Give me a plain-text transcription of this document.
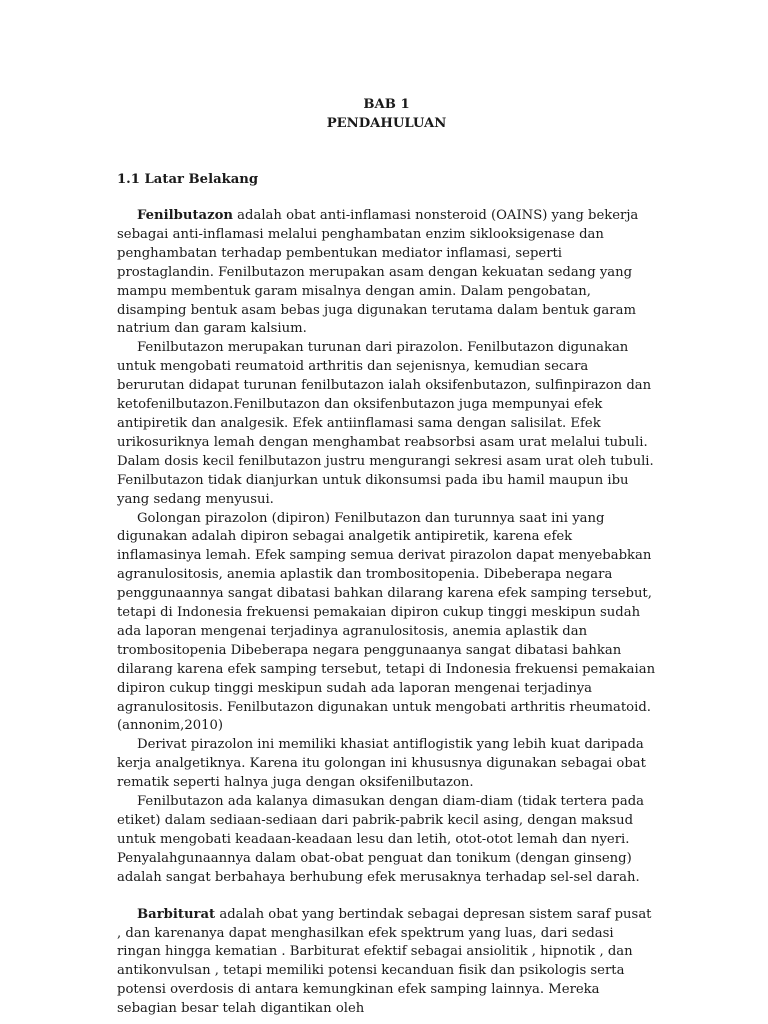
BAB 1

PENDAHULUAN

1.1 Latar Belakang

Fenilbutazon adalah obat anti-inflamasi nonsteroid (OAINS) yang bekerja sebagai anti-inflamasi melalui penghambatan enzim siklooksigenase dan penghambatan terhadap pembentukan mediator inflamasi, seperti prostaglandin. Fenilbutazon merupakan asam dengan kekuatan sedang yang mampu membentuk garam misalnya dengan amin. Dalam pengobatan, disamping bentuk asam bebas juga digunakan terutama dalam bentuk garam natrium dan garam kalsium.

Fenilbutazon merupakan turunan dari pirazolon. Fenilbutazon digunakan untuk mengobati reumatoid arthritis dan sejenisnya, kemudian secara berurutan didapat turunan fenilbutazon ialah oksifenbutazon, sulfinpirazon dan ketofenilbutazon.Fenilbutazon dan oksifenbutazon juga mempunyai efek antipiretik dan analgesik. Efek antiinflamasi sama dengan salisilat. Efek urikosuriknya lemah dengan menghambat reabsorbsi asam urat melalui tubuli. Dalam dosis kecil fenilbutazon justru mengurangi sekresi asam urat oleh tubuli. Fenilbutazon tidak dianjurkan untuk dikonsumsi pada ibu hamil maupun ibu yang sedang menyusui.

Golongan pirazolon (dipiron) Fenilbutazon dan turunnya saat ini yang digunakan adalah dipiron sebagai analgetik antipiretik, karena efek inflamasinya lemah. Efek samping semua derivat pirazolon dapat menyebabkan agranulositosis, anemia aplastik dan trombositopenia. Dibeberapa negara penggunaannya sangat dibatasi bahkan dilarang karena efek samping tersebut, tetapi di Indonesia frekuensi pemakaian dipiron cukup tinggi meskipun sudah ada laporan mengenai terjadinya agranulositosis, anemia aplastik dan trombositopenia Dibeberapa negara penggunaanya sangat dibatasi bahkan dilarang karena efek samping tersebut, tetapi di Indonesia frekuensi pemakaian dipiron cukup tinggi meskipun sudah ada laporan mengenai terjadinya agranulositosis. Fenilbutazon digunakan untuk mengobati arthritis rheumatoid.(annonim,2010)

Derivat pirazolon ini memiliki khasiat antiflogistik yang lebih kuat daripada kerja analgetiknya. Karena itu golongan ini khususnya digunakan sebagai obat rematik seperti halnya juga dengan oksifenilbutazon.

Fenilbutazon ada kalanya dimasukan dengan diam-diam (tidak tertera pada etiket) dalam sediaan-sediaan dari pabrik-pabrik kecil asing, dengan maksud untuk mengobati keadaan-keadaan lesu dan letih, otot-otot lemah dan nyeri. Penyalahgunaannya dalam obat-obat penguat dan tonikum (dengan ginseng) adalah sangat berbahaya berhubung efek merusaknya terhadap sel-sel darah.

Barbiturat adalah obat yang bertindak sebagai depresan sistem saraf pusat , dan karenanya dapat menghasilkan efek spektrum yang luas, dari sedasi ringan hingga kematian . Barbiturat efektif sebagai ansiolitik , hipnotik , dan antikonvulsan , tetapi memiliki potensi kecanduan fisik dan psikologis serta potensi overdosis di antara kemungkinan efek samping lainnya. Mereka sebagian besar telah digantikan oleh
